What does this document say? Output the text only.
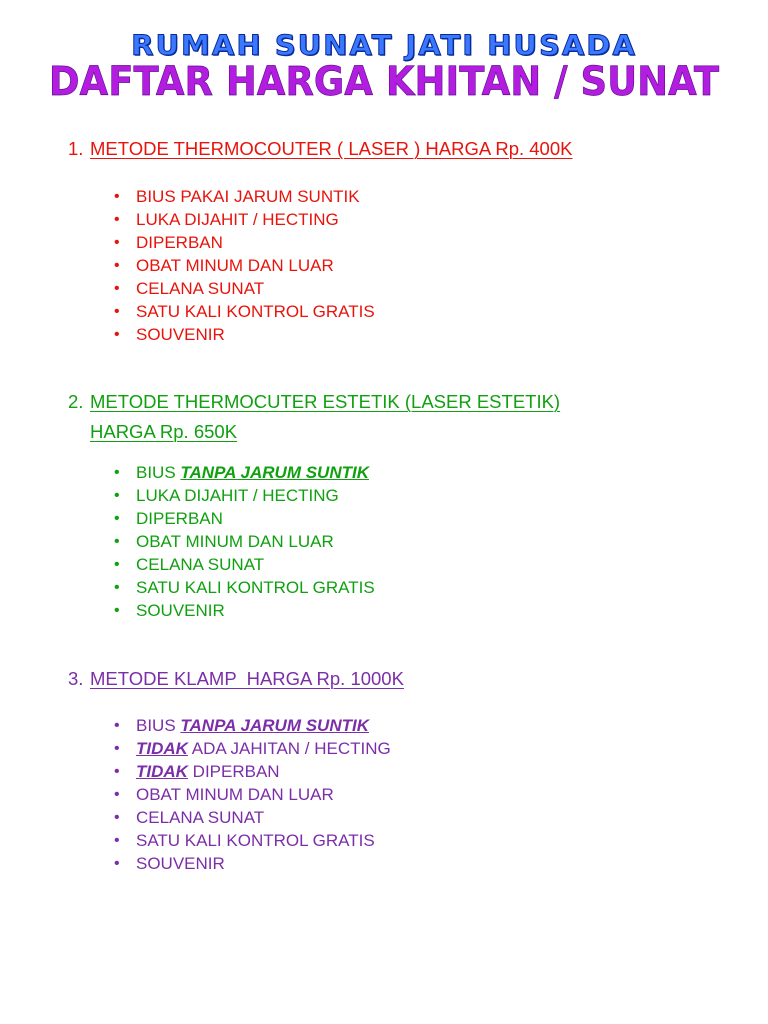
RUMAH SUNAT JATI HUSADA
DAFTAR HARGA KHITAN / SUNAT
1. METODE THERMOCOUTER ( LASER ) HARGA Rp. 400K
• BIUS PAKAI JARUM SUNTIK
• LUKA DIJAHIT / HECTING
• DIPERBAN
• OBAT MINUM DAN LUAR
• CELANA SUNAT
• SATU KALI KONTROL GRATIS
• SOUVENIR
2. METODE THERMOCUTER ESTETIK (LASER ESTETIK)
HARGA Rp. 650K
• BIUS TANPA JARUM SUNTIK
• LUKA DIJAHIT / HECTING
• DIPERBAN
• OBAT MINUM DAN LUAR
• CELANA SUNAT
• SATU KALI KONTROL GRATIS
• SOUVENIR
3. METODE KLAMP  HARGA Rp. 1000K
• BIUS TANPA JARUM SUNTIK
• TIDAK ADA JAHITAN / HECTING
• TIDAK DIPERBAN
• OBAT MINUM DAN LUAR
• CELANA SUNAT
• SATU KALI KONTROL GRATIS
• SOUVENIR
